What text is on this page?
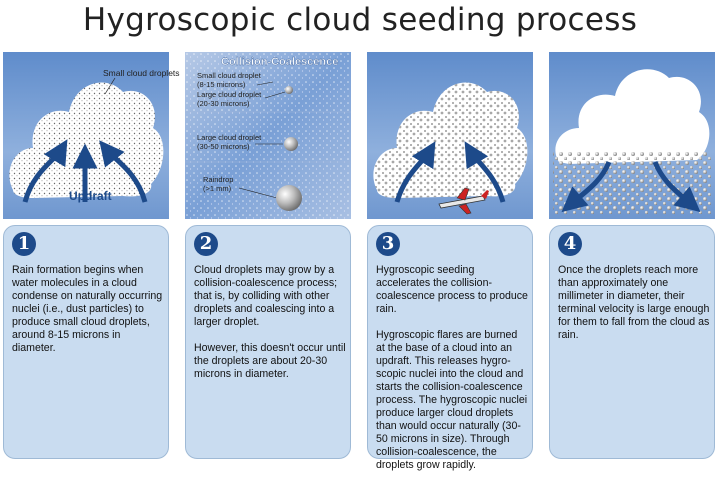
Hygroscopic cloud seeding process
Small cloud droplets
Updraft
Collision-Coalescence
Small cloud droplet
(8-15 microns)
Large cloud droplet
(20-30 microns)
Large cloud droplet
(30-50 microns)
Raindrop
(>1 mm)
1

Rain formation begins when water molecules in a cloud condense on naturally occurring nuclei (i.e., dust particles) to produce small cloud droplets, around 8-15 microns in diameter.

2

Cloud droplets may grow by a collision-coalescence process; that is, by colliding with other droplets and coalescing into a larger droplet.

However, this doesn't occur until the droplets are about 20-30 microns in diameter.

3

Hygroscopic seeding accelerates the collision-coalescence process to produce rain.

Hygroscopic flares are burned at the base of a cloud into an updraft. This releases hygro-scopic nuclei into the cloud and starts the collision-coalescence process. The hygroscopic nuclei produce larger cloud droplets than would occur naturally (30-50 microns in size). Through collision-coalescence, the droplets grow rapidly.

4

Once the droplets reach more than approximately one millimeter in diameter, their terminal velocity is large enough for them to fall from the cloud as rain.
